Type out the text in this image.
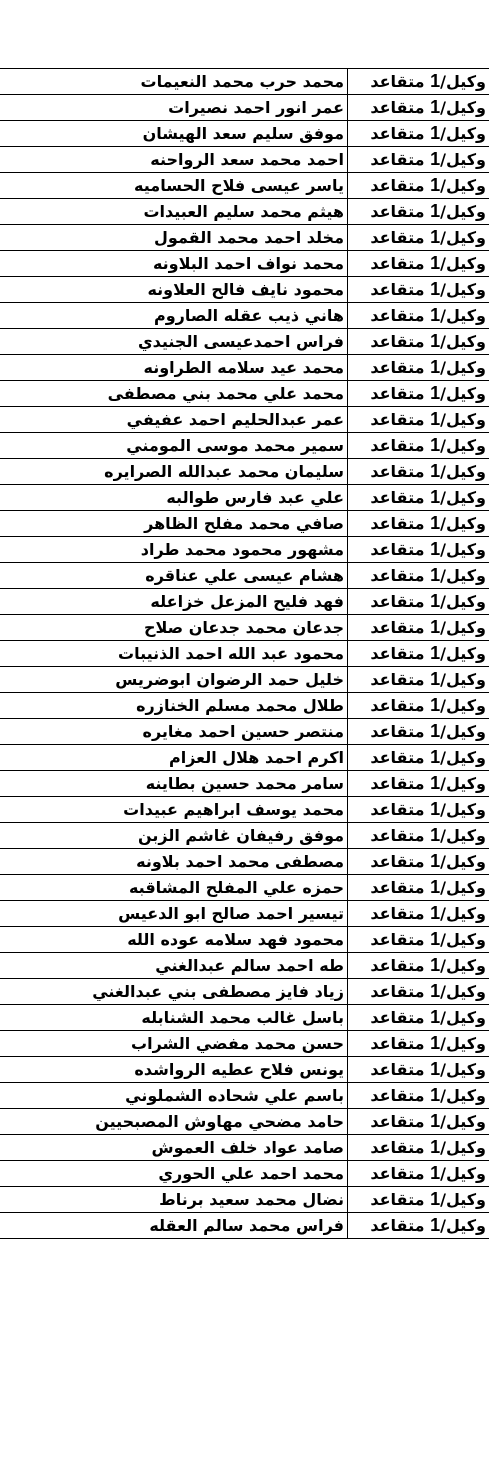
وكيل/1 متقاعد	محمد حرب محمد النعيمات
وكيل/1 متقاعد	عمر انور احمد نصيرات
وكيل/1 متقاعد	موفق سليم سعد الهيشان
وكيل/1 متقاعد	احمد محمد سعد الرواحنه
وكيل/1 متقاعد	ياسر عيسى فلاح الحساميه
وكيل/1 متقاعد	هيثم محمد سليم العبيدات
وكيل/1 متقاعد	مخلد احمد محمد القمول
وكيل/1 متقاعد	محمد نواف احمد البلاونه
وكيل/1 متقاعد	محمود نايف فالح العلاونه
وكيل/1 متقاعد	هاني ذيب عقله الصاروم
وكيل/1 متقاعد	فراس احمدعيسى الجنيدي
وكيل/1 متقاعد	محمد عيد سلامه الطراونه
وكيل/1 متقاعد	محمد علي محمد بني مصطفى
وكيل/1 متقاعد	عمر عبدالحليم احمد عفيفي
وكيل/1 متقاعد	سمير محمد موسى المومني
وكيل/1 متقاعد	سليمان محمد عبدالله الصرايره
وكيل/1 متقاعد	علي عبد فارس طوالبه
وكيل/1 متقاعد	صافي محمد مفلح الظاهر
وكيل/1 متقاعد	مشهور محمود محمد طراد
وكيل/1 متقاعد	هشام عيسى علي عناقره
وكيل/1 متقاعد	فهد فليح المزعل خزاعله
وكيل/1 متقاعد	جدعان محمد جدعان صلاح
وكيل/1 متقاعد	محمود عبد الله احمد الذنيبات
وكيل/1 متقاعد	خليل حمد الرضوان ابوضريس
وكيل/1 متقاعد	طلال محمد مسلم الخنازره
وكيل/1 متقاعد	منتصر حسين احمد مغايره
وكيل/1 متقاعد	اكرم احمد هلال العزام
وكيل/1 متقاعد	سامر محمد حسين بطاينه
وكيل/1 متقاعد	محمد يوسف ابراهيم عبيدات
وكيل/1 متقاعد	موفق رفيفان غاشم الزبن
وكيل/1 متقاعد	مصطفى محمد احمد بلاونه
وكيل/1 متقاعد	حمزه علي المفلح المشاقبه
وكيل/1 متقاعد	تيسير احمد صالح ابو الدعيس
وكيل/1 متقاعد	محمود فهد سلامه عوده الله
وكيل/1 متقاعد	طه احمد سالم عبدالغني
وكيل/1 متقاعد	زياد فايز مصطفى بني عبدالغني
وكيل/1 متقاعد	باسل غالب محمد الشنابله
وكيل/1 متقاعد	حسن محمد مفضي الشراب
وكيل/1 متقاعد	يونس فلاح عطيه الرواشده
وكيل/1 متقاعد	باسم علي شحاده الشملوني
وكيل/1 متقاعد	حامد مضحي مهاوش المصبحيين
وكيل/1 متقاعد	صامد عواد خلف العموش
وكيل/1 متقاعد	محمد احمد علي الحوري
وكيل/1 متقاعد	نضال محمد سعيد برناط
وكيل/1 متقاعد	فراس محمد سالم العقله
